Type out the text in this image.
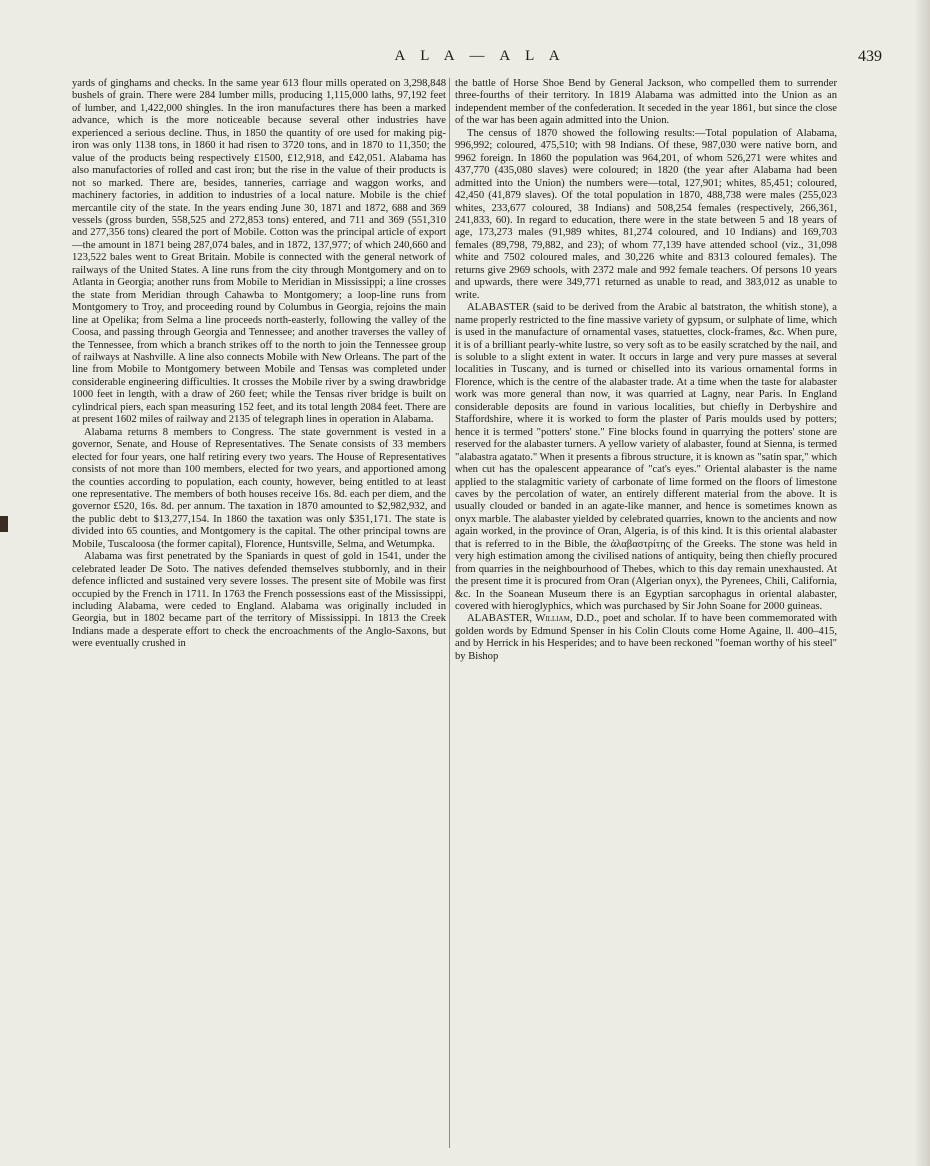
A L A — A L A	439

yards of ginghams and checks. In the same year 613 flour mills operated on 3,298,848 bushels of grain. There were 284 lumber mills, producing 1,115,000 laths, 97,192 feet of lumber, and 1,422,000 shingles. In the iron manufactures there has been a marked advance, which is the more noticeable because several other industries have experienced a serious decline. Thus, in 1850 the quantity of ore used for making pig-iron was only 1138 tons, in 1860 it had risen to 3720 tons, and in 1870 to 11,350; the value of the products being respectively £1500, £12,918, and £42,051. Alabama has also manufactories of rolled and cast iron; but the rise in the value of their products is not so marked. There are, besides, tanneries, carriage and waggon works, and machinery factories, in addition to industries of a local nature. Mobile is the chief mercantile city of the state. In the years ending June 30, 1871 and 1872, 688 and 369 vessels (gross burden, 558,525 and 272,853 tons) entered, and 711 and 369 (551,310 and 277,356 tons) cleared the port of Mobile. Cotton was the principal article of export—the amount in 1871 being 287,074 bales, and in 1872, 137,977; of which 240,660 and 123,522 bales went to Great Britain. Mobile is connected with the general network of railways of the United States. A line runs from the city through Montgomery and on to Atlanta in Georgia; another runs from Mobile to Meridian in Mississippi; a line crosses the state from Meridian through Cahawba to Montgomery; a loop-line runs from Montgomery to Troy, and proceeding round by Columbus in Georgia, rejoins the main line at Opelika; from Selma a line proceeds north-easterly, following the valley of the Coosa, and passing through Georgia and Tennessee; and another traverses the valley of the Tennessee, from which a branch strikes off to the north to join the Tennessee group of railways at Nashville. A line also connects Mobile with New Orleans. The part of the line from Mobile to Montgomery between Mobile and Tensas was completed under considerable engineering difficulties. It crosses the Mobile river by a swing drawbridge 1000 feet in length, with a draw of 260 feet; while the Tensas river bridge is built on cylindrical piers, each span measuring 152 feet, and its total length 2084 feet. There are at present 1602 miles of railway and 2135 of telegraph lines in operation in Alabama.

Alabama returns 8 members to Congress. The state government is vested in a governor, Senate, and House of Representatives. The Senate consists of 33 members elected for four years, one half retiring every two years. The House of Representatives consists of not more than 100 members, elected for two years, and apportioned among the counties according to population, each county, however, being entitled to at least one representative. The members of both houses receive 16s. 8d. each per diem, and the governor £520, 16s. 8d. per annum. The taxation in 1870 amounted to $2,982,932, and the public debt to $13,277,154. In 1860 the taxation was only $351,171. The state is divided into 65 counties, and Montgomery is the capital. The other principal towns are Mobile, Tuscaloosa (the former capital), Florence, Huntsville, Selma, and Wetumpka.

Alabama was first penetrated by the Spaniards in quest of gold in 1541, under the celebrated leader De Soto. The natives defended themselves stubbornly, and in their defence inflicted and sustained very severe losses. The present site of Mobile was first occupied by the French in 1711. In 1763 the French possessions east of the Mississippi, including Alabama, were ceded to England. Alabama was originally included in Georgia, but in 1802 became part of the territory of Mississippi. In 1813 the Creek Indians made a desperate effort to check the encroachments of the Anglo-Saxons, but were eventually crushed in

the battle of Horse Shoe Bend by General Jackson, who compelled them to surrender three-fourths of their territory. In 1819 Alabama was admitted into the Union as an independent member of the confederation. It seceded in the year 1861, but since the close of the war has been again admitted into the Union.

The census of 1870 showed the following results:—Total population of Alabama, 996,992; coloured, 475,510; with 98 Indians. Of these, 987,030 were native born, and 9962 foreign. In 1860 the population was 964,201, of whom 526,271 were whites and 437,770 (435,080 slaves) were coloured; in 1820 (the year after Alabama had been admitted into the Union) the numbers were—total, 127,901; whites, 85,451; coloured, 42,450 (41,879 slaves). Of the total population in 1870, 488,738 were males (255,023 whites, 233,677 coloured, 38 Indians) and 508,254 females (respectively, 266,361, 241,833, 60). In regard to education, there were in the state between 5 and 18 years of age, 173,273 males (91,989 whites, 81,274 coloured, and 10 Indians) and 169,703 females (89,798, 79,882, and 23); of whom 77,139 have attended school (viz., 31,098 white and 7502 coloured males, and 30,226 white and 8313 coloured females). The returns give 2969 schools, with 2372 male and 992 female teachers. Of persons 10 years and upwards, there were 349,771 returned as unable to read, and 383,012 as unable to write.

ALABASTER (said to be derived from the Arabic al batstraton, the whitish stone), a name properly restricted to the fine massive variety of gypsum, or sulphate of lime, which is used in the manufacture of ornamental vases, statuettes, clock-frames, &c. When pure, it is of a brilliant pearly-white lustre, so very soft as to be easily scratched by the nail, and is soluble to a slight extent in water. It occurs in large and very pure masses at several localities in Tuscany, and is turned or chiselled into its various ornamental forms in Florence, which is the centre of the alabaster trade. At a time when the taste for alabaster work was more general than now, it was quarried at Lagny, near Paris. In England considerable deposits are found in various localities, but chiefly in Derbyshire and Staffordshire, where it is worked to form the plaster of Paris moulds used by potters; hence it is termed "potters' stone." Fine blocks found in quarrying the potters' stone are reserved for the alabaster turners. A yellow variety of alabaster, found at Sienna, is termed "alabastra agatato." When it presents a fibrous structure, it is known as "satin spar," which when cut has the opalescent appearance of "cat's eyes." Oriental alabaster is the name applied to the stalagmitic variety of carbonate of lime formed on the floors of limestone caves by the percolation of water, an entirely different material from the above. It is usually clouded or banded in an agate-like manner, and hence is sometimes known as onyx marble. The alabaster yielded by celebrated quarries, known to the ancients and now again worked, in the province of Oran, Algeria, is of this kind. It is this oriental alabaster that is referred to in the Bible, the ἀλαβαστρίτης of the Greeks. The stone was held in very high estimation among the civilised nations of antiquity, being then chiefly procured from quarries in the neighbourhood of Thebes, which to this day remain unexhausted. At the present time it is procured from Oran (Algerian onyx), the Pyrenees, Chili, California, &c. In the Soanean Museum there is an Egyptian sarcophagus in oriental alabaster, covered with hieroglyphics, which was purchased by Sir John Soane for 2000 guineas.

ALABASTER, William, D.D., poet and scholar. If to have been commemorated with golden words by Edmund Spenser in his Colin Clouts come Home Againe, ll. 400–415, and by Herrick in his Hesperides; and to have been reckoned "foeman worthy of his steel" by Bishop
